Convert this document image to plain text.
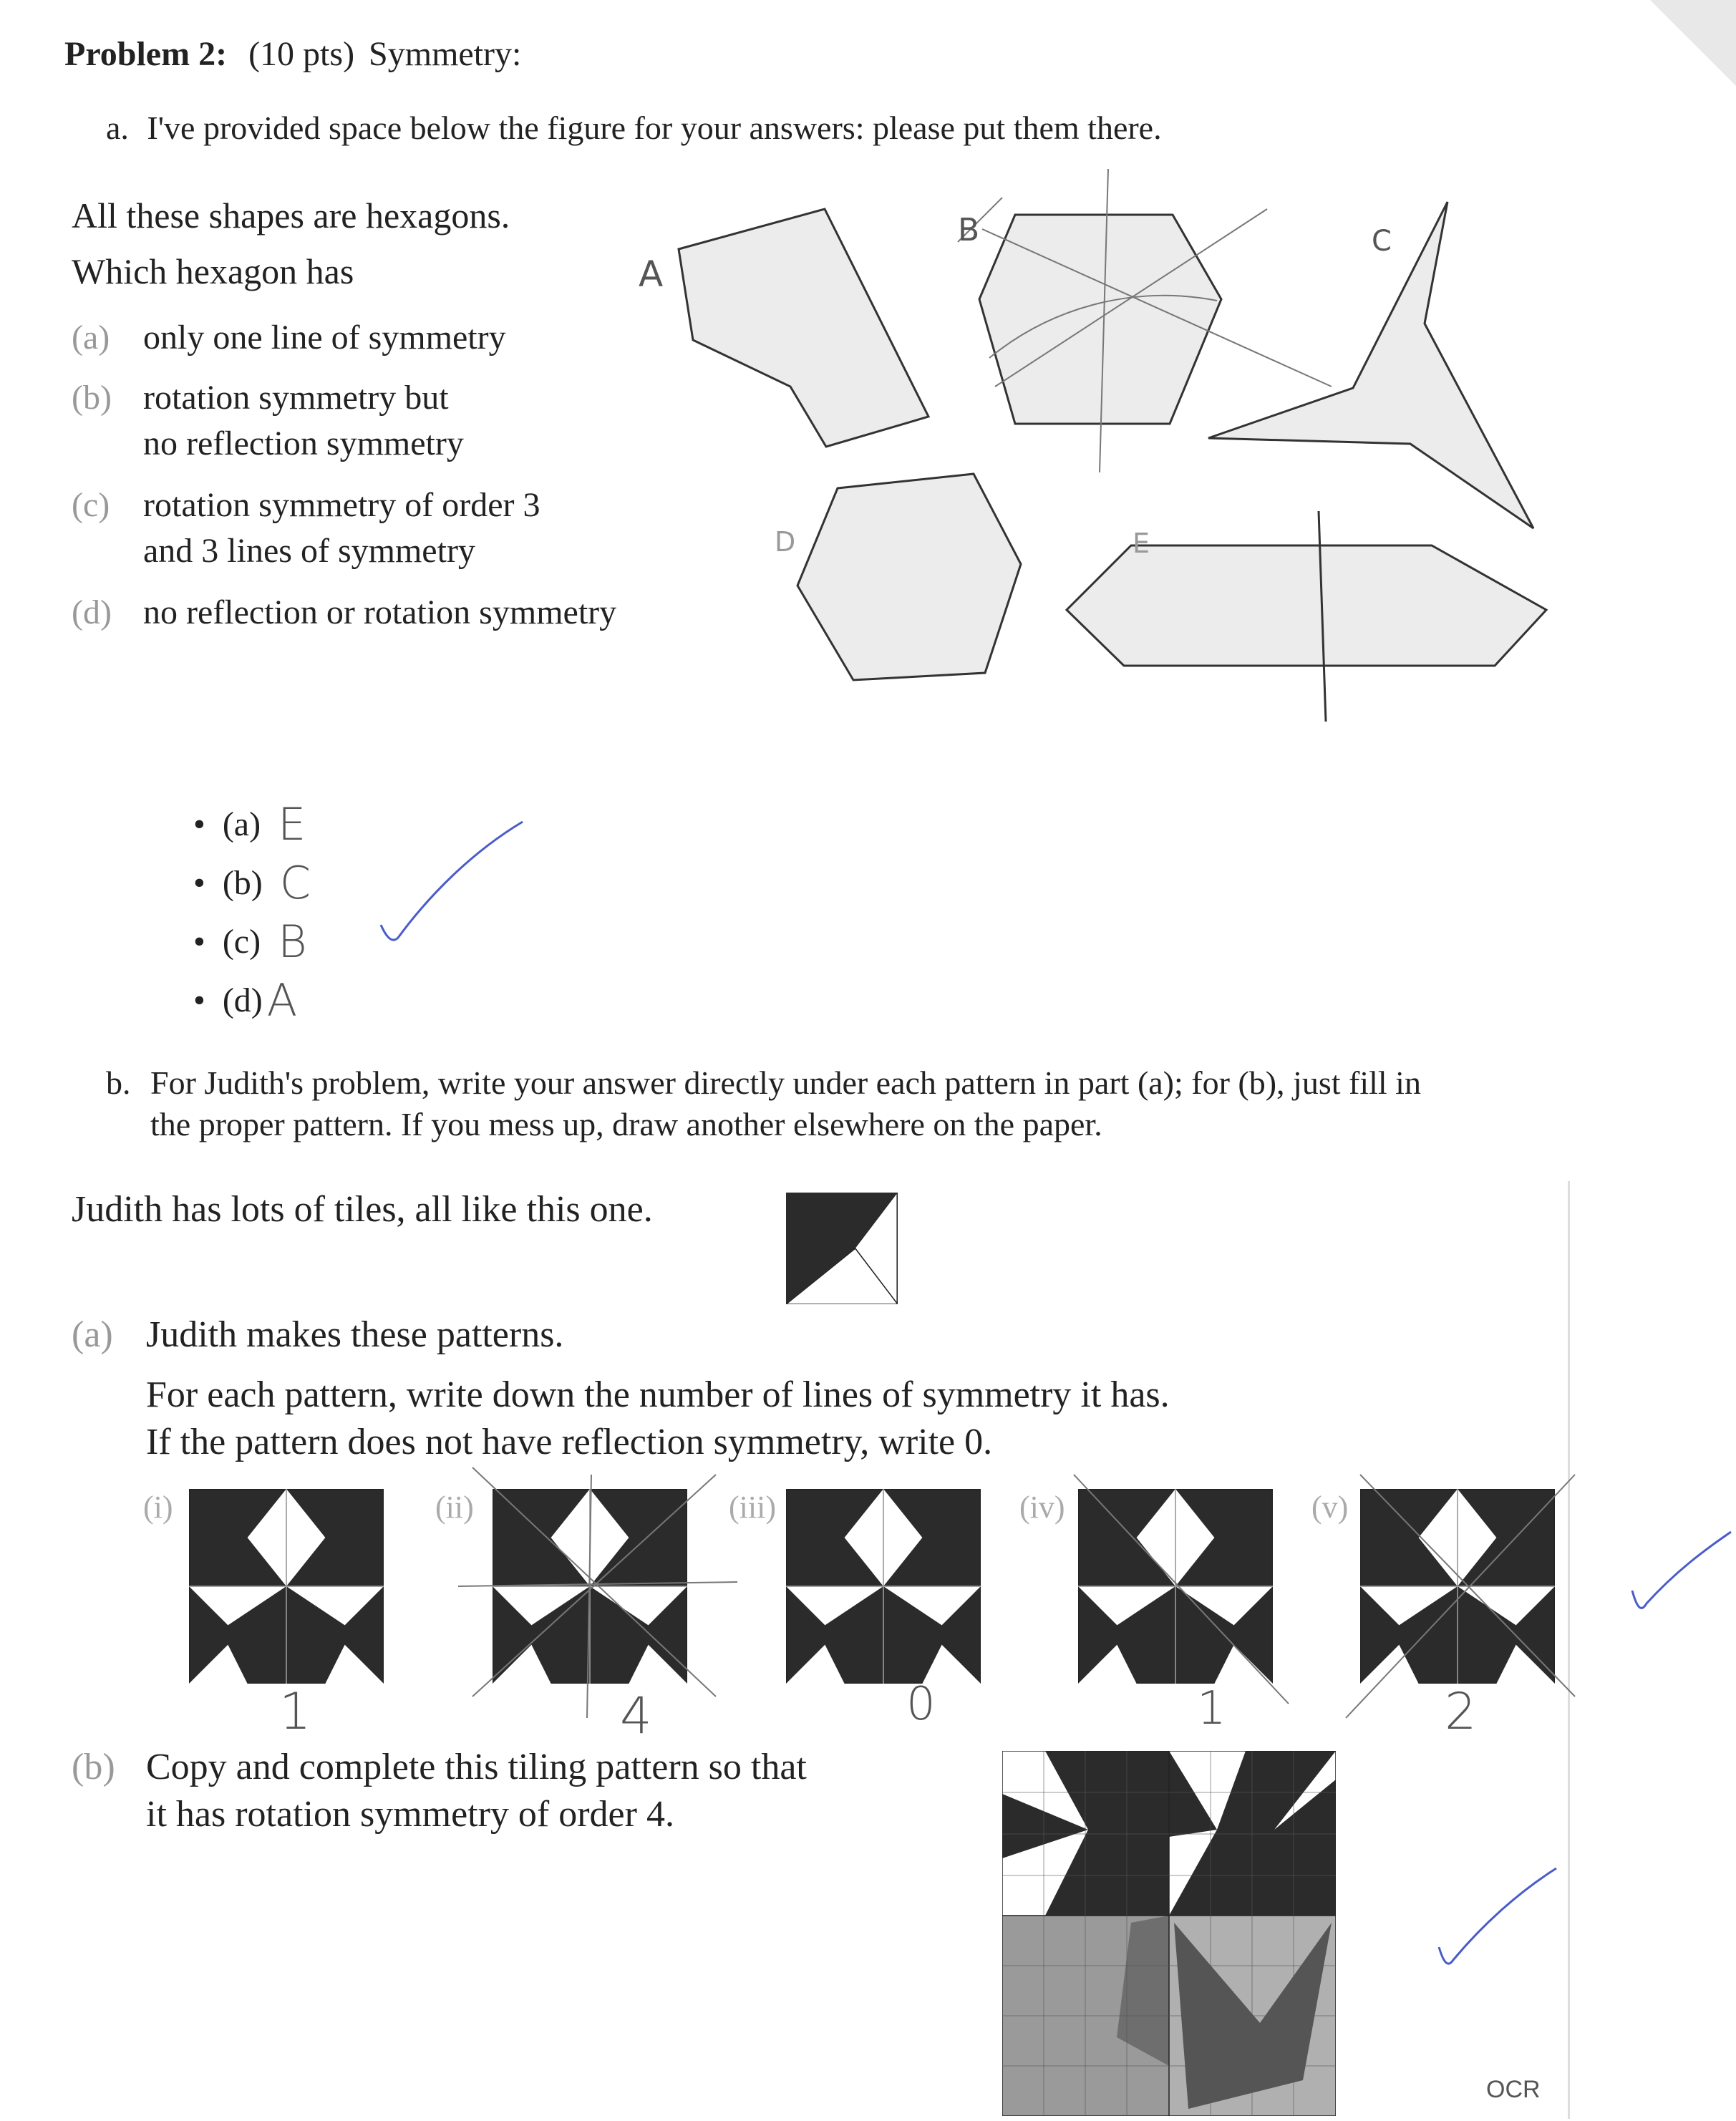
Problem 2: (10 pts) Symmetry:
a. I've provided space below the figure for your answers: please put them there.
All these shapes are hexagons.
Which hexagon has
(a) only one line of symmetry
(b) rotation symmetry but
no reflection symmetry
(c) rotation symmetry of order 3
and 3 lines of symmetry
(d) no reflection or rotation symmetry
A
B	C
D	E
• (a) E
• (b) C
• (c) B
• (d) A
b. For Judith's problem, write your answer directly under each pattern in part (a); for (b), just fill in
the proper pattern. If you mess up, draw another elsewhere on the paper.
Judith has lots of tiles, all like this one.
(a) Judith makes these patterns.
For each pattern, write down the number of lines of symmetry it has.
If the pattern does not have reflection symmetry, write 0.
(i)
1
(ii)
4
(iii)
0
(iv)
1
(v)
2
(b) Copy and complete this tiling pattern so that
it has rotation symmetry of order 4.
OCR
